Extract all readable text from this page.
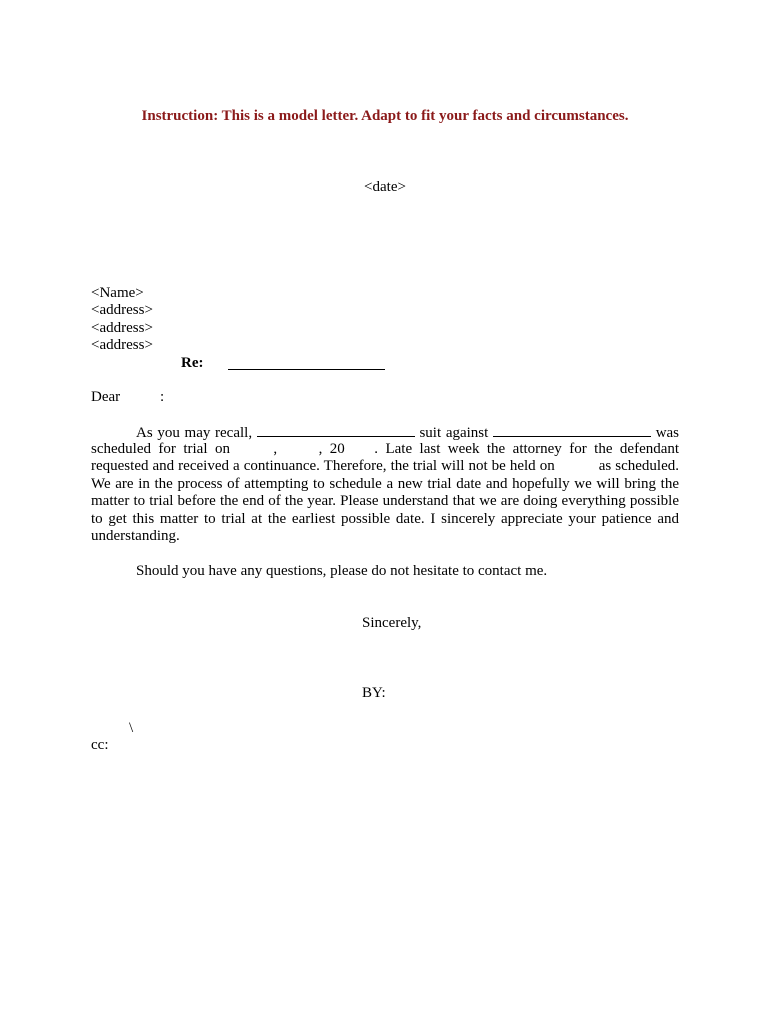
Instruction: This is a model letter. Adapt to fit your facts and circumstances.
<date>
<Name>
<address>
<address>
<address>
Re:
Dear	:
As you may recall,	suit against	was
scheduled for trial on	,	, 20 . Late last week the attorney for the defendant
requested and received a continuance. Therefore, the trial will not be held on	as scheduled.
We are in the process of attempting to schedule a new trial date and hopefully we will bring the
matter to trial before the end of the year. Please understand that we are doing everything possible
to get this matter to trial at the earliest possible date. I sincerely appreciate your patience and
understanding.
Should you have any questions, please do not hesitate to contact me.
Sincerely,
BY:
\
cc:
